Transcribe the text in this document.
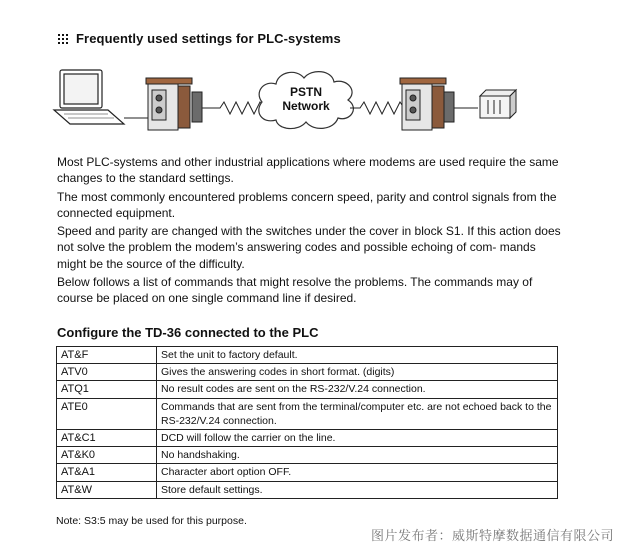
Frequently used settings for PLC-systems
PSTN
Network

Most PLC-systems and other industrial applications where modems are used require the same changes to the standard settings.

The most commonly encountered problems concern speed, parity and control signals from the connected equipment.

Speed and parity are changed with the switches under the cover in block S1. If this action does not solve the problem the modem’s answering codes and possible echoing of com- mands might be the source of the difficulty.

Below follows a list of commands that might resolve the problems. The commands may of course be placed on one single command line if desired.

Configure the TD-36 connected to the PLC
AT&F	Set the unit to factory default.
ATV0	Gives the answering codes in short format. (digits)
ATQ1	No result codes are sent on the RS-232/V.24 connection.
ATE0	Commands that are sent from the terminal/computer etc. are not echoed back to the RS-232/V.24 connection.
AT&C1	DCD will follow the carrier on the line.
AT&K0	No handshaking.
AT&A1	Character abort option OFF.
AT&W	Store default settings.
Note: S3:5 may be used for this purpose.
图片发布者：威斯特摩数据通信有限公司
